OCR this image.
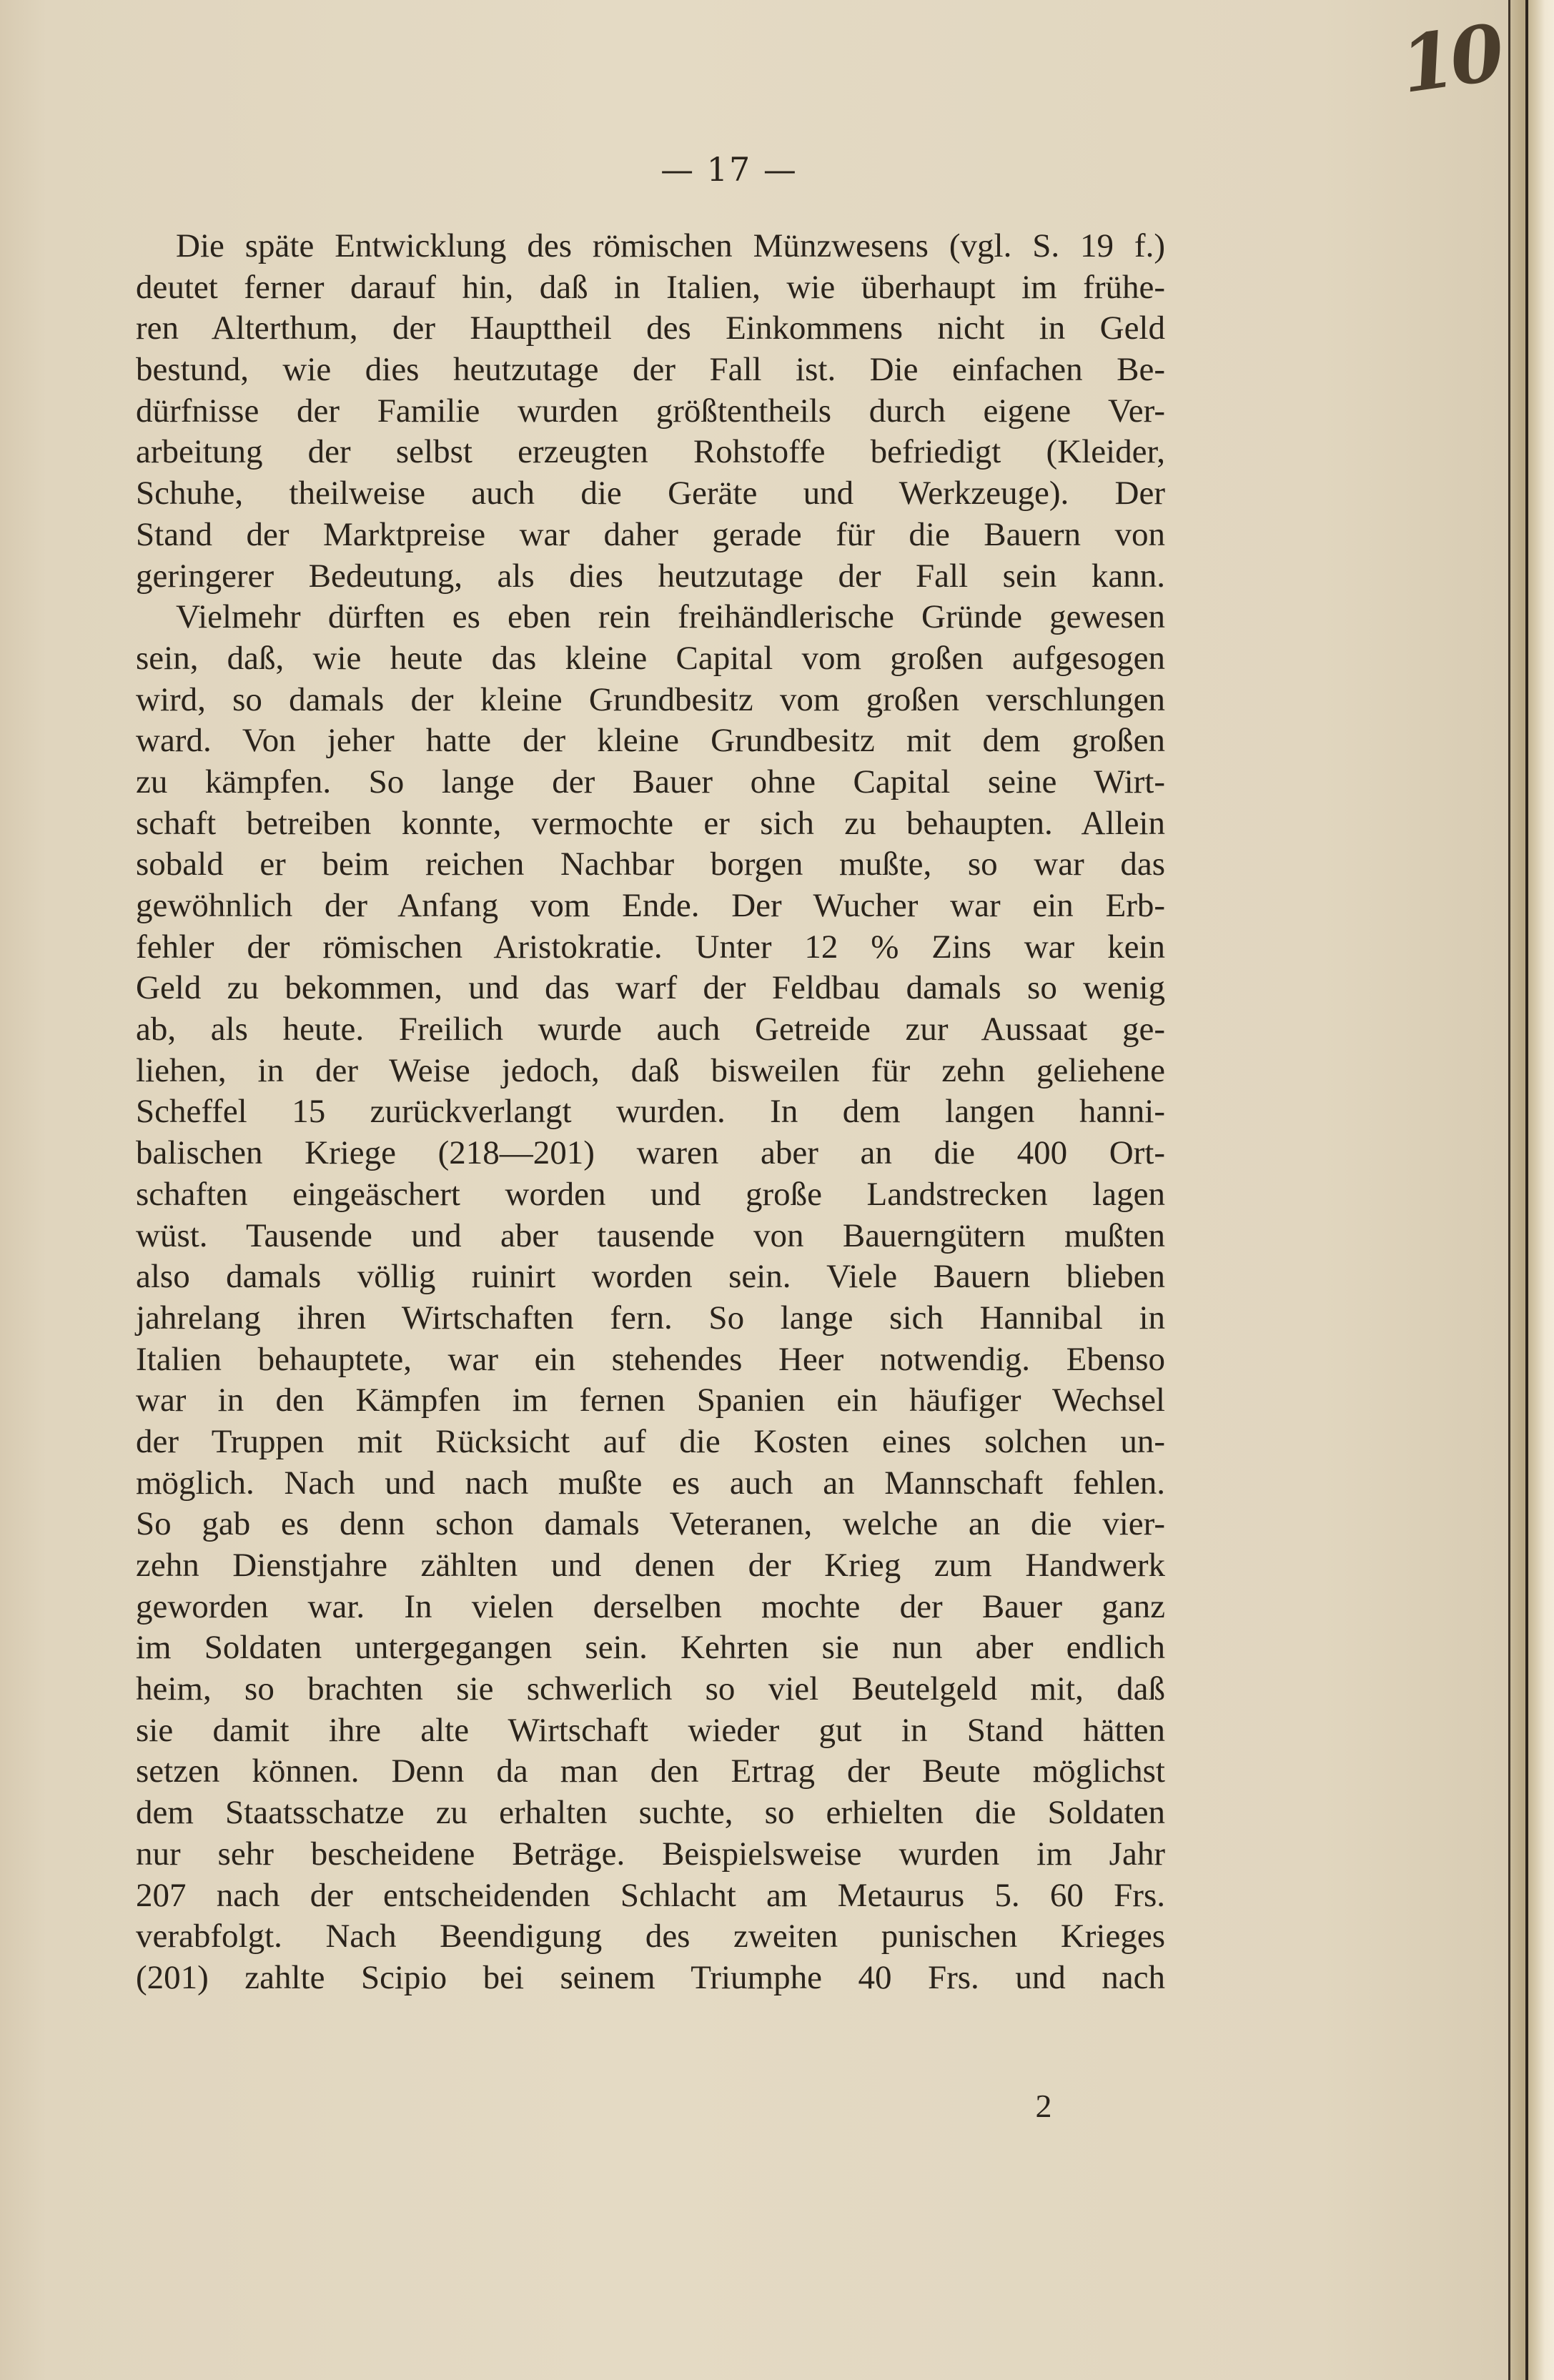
10
— 17 —
Die späte Entwicklung des römischen Münzwesens (vgl. S. 19 f.)
deutet ferner darauf hin, daß in Italien, wie überhaupt im frühe-
ren Alterthum, der Haupttheil des Einkommens nicht in Geld
bestund, wie dies heutzutage der Fall ist. Die einfachen Be-
dürfnisse der Familie wurden größtentheils durch eigene Ver-
arbeitung der selbst erzeugten Rohstoffe befriedigt (Kleider,
Schuhe, theilweise auch die Geräte und Werkzeuge). Der
Stand der Marktpreise war daher gerade für die Bauern von
geringerer Bedeutung, als dies heutzutage der Fall sein kann.
Vielmehr dürften es eben rein freihändlerische Gründe gewesen
sein, daß, wie heute das kleine Capital vom großen aufgesogen
wird, so damals der kleine Grundbesitz vom großen verschlungen
ward. Von jeher hatte der kleine Grundbesitz mit dem großen
zu kämpfen. So lange der Bauer ohne Capital seine Wirt-
schaft betreiben konnte, vermochte er sich zu behaupten. Allein
sobald er beim reichen Nachbar borgen mußte, so war das
gewöhnlich der Anfang vom Ende. Der Wucher war ein Erb-
fehler der römischen Aristokratie. Unter 12 % Zins war kein
Geld zu bekommen, und das warf der Feldbau damals so wenig
ab, als heute. Freilich wurde auch Getreide zur Aussaat ge-
liehen, in der Weise jedoch, daß bisweilen für zehn geliehene
Scheffel 15 zurückverlangt wurden. In dem langen hanni-
balischen Kriege (218—201) waren aber an die 400 Ort-
schaften eingeäschert worden und große Landstrecken lagen
wüst. Tausende und aber tausende von Bauerngütern mußten
also damals völlig ruinirt worden sein. Viele Bauern blieben
jahrelang ihren Wirtschaften fern. So lange sich Hannibal in
Italien behauptete, war ein stehendes Heer notwendig. Ebenso
war in den Kämpfen im fernen Spanien ein häufiger Wechsel
der Truppen mit Rücksicht auf die Kosten eines solchen un-
möglich. Nach und nach mußte es auch an Mannschaft fehlen.
So gab es denn schon damals Veteranen, welche an die vier-
zehn Dienstjahre zählten und denen der Krieg zum Handwerk
geworden war. In vielen derselben mochte der Bauer ganz
im Soldaten untergegangen sein. Kehrten sie nun aber endlich
heim, so brachten sie schwerlich so viel Beutelgeld mit, daß
sie damit ihre alte Wirtschaft wieder gut in Stand hätten
setzen können. Denn da man den Ertrag der Beute möglichst
dem Staatsschatze zu erhalten suchte, so erhielten die Soldaten
nur sehr bescheidene Beträge. Beispielsweise wurden im Jahr
207 nach der entscheidenden Schlacht am Metaurus 5. 60 Frs.
verabfolgt. Nach Beendigung des zweiten punischen Krieges
(201) zahlte Scipio bei seinem Triumphe 40 Frs. und nach
2
